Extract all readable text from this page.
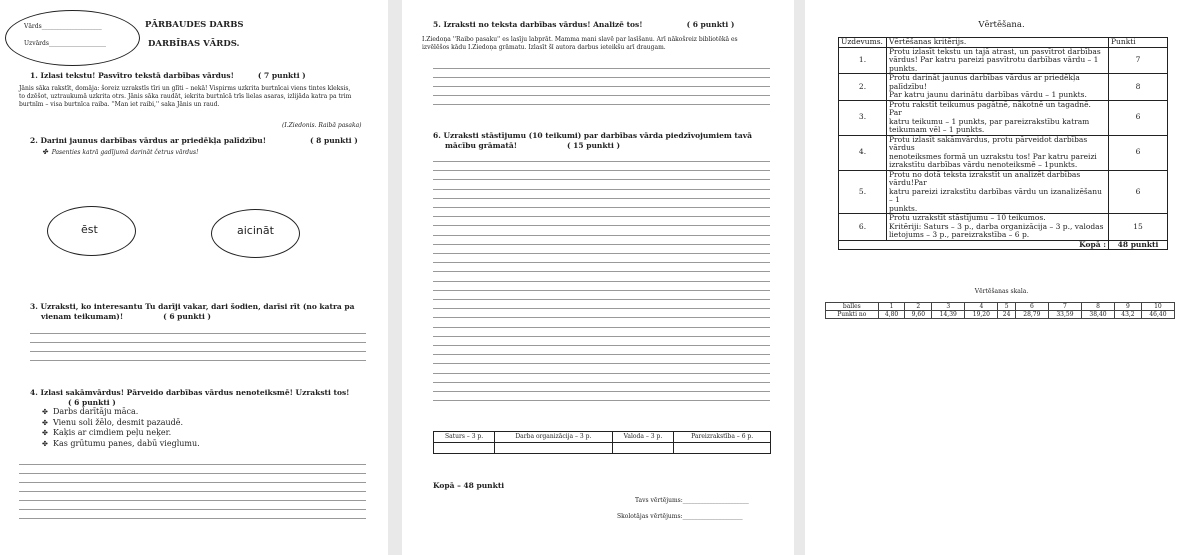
Vārds____________________
Uzvārds___________________
PĀRBAUDES DARBS
DARBĪBAS VĀRDS.
1. Izlasi tekstu! Pasvītro tekstā darbības vārdus!	( 7 punkti )
Jānis sāka rakstīt, domāja: šoreiz uzrakstīs tīri un glīti – nekā! Vispirms uzkrita burtnīcai viens tintes kleksis,
to dzēšot, uztraukumā uzkrita otrs. Jānis sāka raudāt, iekrita burtnīcā trīs lielas asaras, izlijāda katra pa trim
burtnīm – visa burtnīca raiba. ''Man iet raibi,'' saka Jānis un raud.
(I.Ziedonis. Raibā pasaka)
2. Darini jaunus darbības vārdus ar priedēkļa palīdzību!	( 8 punkti )
✤ Pasenties katrā gadījumā darināt četrus vārdus!
ēst	aicināt
3. Uzraksti, ko interesantu Tu darīji vakar, dari šodien, darīsi rīt (no katra pa
vienam teikumam)!	( 6 punkti )
4. Izlasi sakāmvārdus! Pārveido darbības vārdus nenoteiksmē! Uzraksti tos!
( 6 punkti )
✤ Darbs darītāju māca.
✤ Vienu soli žēlo, desmit pazaudē.
✤ Kaķis ar cimdiem peļu neķer.
✤ Kas grūtumu panes, dabū vieglumu.
5. Izraksti no teksta darbības vārdus! Analizē tos!	( 6 punkti )
I.Ziedoņa ''Raibo pasaku'' es lasīju labprāt. Mamma mani slavē par lasīšanu. Arī nākošreiz bibliotēkā es
izvēlēšos kādu I.Ziedoņa grāmatu. Izlasīt šī autora darbus ieteikšu arī draugam.
6. Uzraksti stāstījumu (10 teikumi) par darbības vārda piedzīvojumiem tavā
mācību grāmatā!	( 15 punkti )
Saturs – 3 p.	Darba organizācija – 3 p.	Valoda – 3 p.	Pareizrakstība – 6 p.

Kopā – 48 punkti
Tavs vērtējums:______________________
Skolotājas vērtējums:____________________
Vērtēšana.
Uzdevums.	Vērtēšanas kritērijs.	Punkti
1.	Protu izlasīt tekstu un tajā atrast, un pasvītrot darbības
vārdus! Par katru pareizi pasvītrotu darbības vārdu – 1
punkts.	7
2.	Protu darināt jaunus darbības vārdus ar priedēkļa palīdzību!
Par katru jaunu darinātu darbības vārdu – 1 punkts.	8
3.	Protu rakstīt teikumus pagātnē, nākotnē un tagadnē. Par
katru teikumu – 1 punkts, par pareizrakstību katram
teikumam vēl – 1 punkts.	6
4.	Protu izlasīt sakāmvārdus, protu pārveidot darbības vārdus
nenoteiksmes formā un uzrakstu tos! Par katru pareizi
izrakstītu darbības vārdu nenoteiksmē – 1punkts.	6
5.	Protu no dotā teksta izrakstīt un analizēt darbības vārdu!Par
katru pareizi izrakstītu darbības vārdu un izanalizēšanu – 1
punkts.	6
6.	Protu uzrakstīt stāstījumu – 10 teikumos.
Kritēriji: Saturs – 3 p., darba organizācija – 3 p., valodas
lietojums – 3 p., pareizrakstība – 6 p.	15
Kopā :		48 punkti
Vērtēšanas skala.
balles	1	2	3	4	5	6	7	8	9	10
Punkti no	4,80	9,60	14,39	19,20	24	28,79	33,59	38,40	43,2	46,40
